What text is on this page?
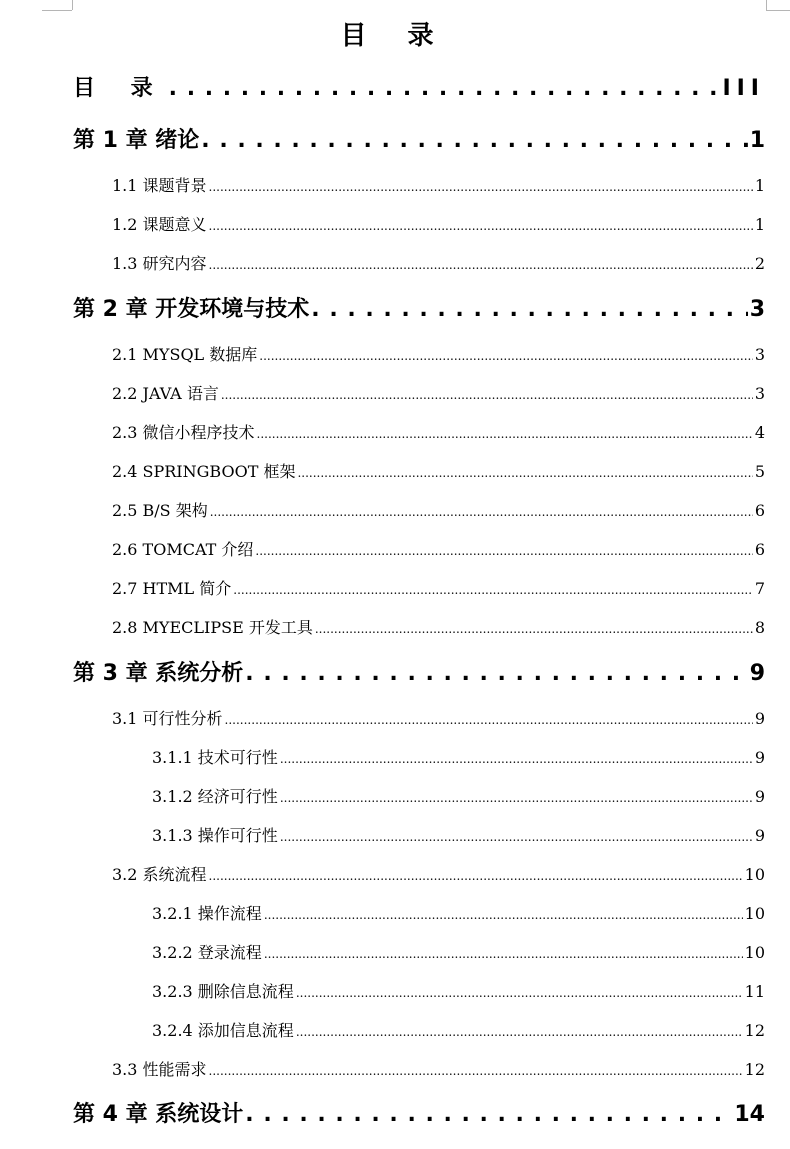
目 录
目 录 . . .	III
第 1 章 绪论 . . .	1
1.1 课题背景 .....	1
1.2 课题意义 .....	1
1.3 研究内容 .....	2
第 2 章 开发环境与技术 . . .	3
2.1 MYSQL 数据库 .....	3
2.2 JAVA 语言 .....	3
2.3 微信小程序技术 .....	4
2.4 SPRINGBOOT 框架 .....	5
2.5 B/S 架构 .....	6
2.6 TOMCAT 介绍 .....	6
2.7 HTML 简介 .....	7
2.8 MYECLIPSE 开发工具 .....	8
第 3 章 系统分析 . . .	9
3.1 可行性分析 .....	9
3.1.1 技术可行性 .....	9
3.1.2 经济可行性 .....	9
3.1.3 操作可行性 .....	9
3.2 系统流程 .....	10
3.2.1 操作流程 .....	10
3.2.2 登录流程 .....	10
3.2.3 删除信息流程 .....	11
3.2.4 添加信息流程 .....	12
3.3 性能需求 .....	12
第 4 章 系统设计 . . .	14
